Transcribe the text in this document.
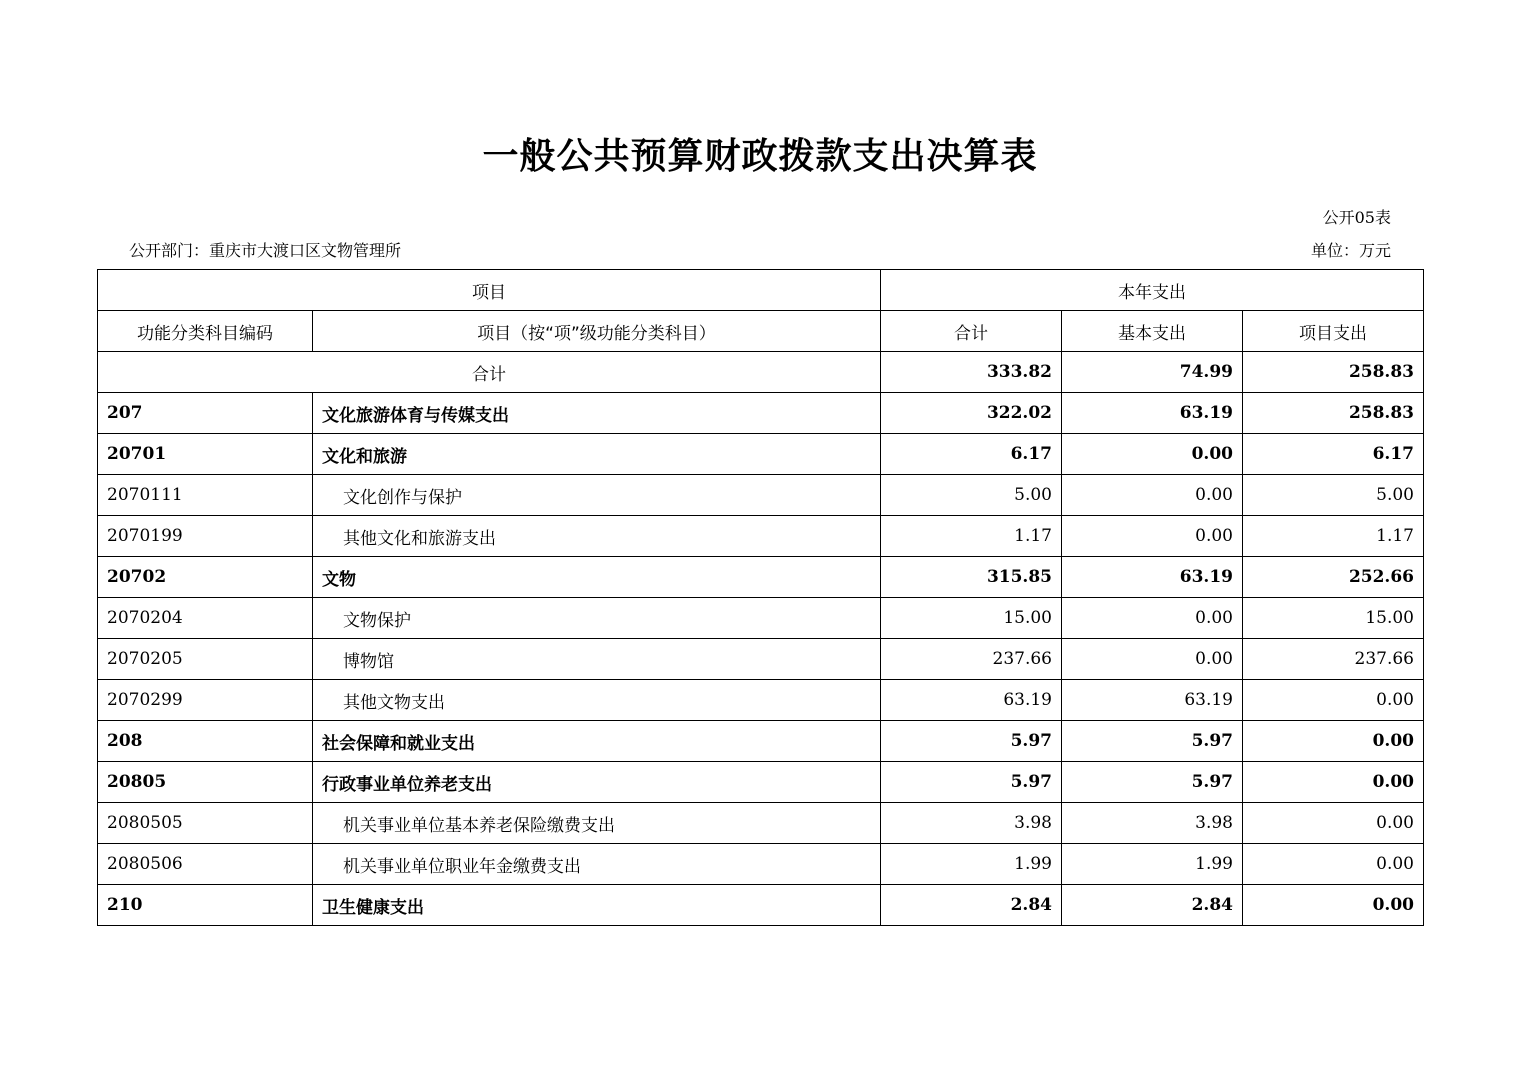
一般公共预算财政拨款支出决算表
公开05表
公开部门：重庆市大渡口区文物管理所	单位：万元
项目		本年支出		
功能分类科目编码	项目（按“项”级功能分类科目）	合计	基本支出	项目支出
合计		333.82	74.99	258.83
207	文化旅游体育与传媒支出	322.02	63.19	258.83
20701	文化和旅游	6.17	0.00	6.17
2070111	文化创作与保护	5.00	0.00	5.00
2070199	其他文化和旅游支出	1.17	0.00	1.17
20702	文物	315.85	63.19	252.66
2070204	文物保护	15.00	0.00	15.00
2070205	博物馆	237.66	0.00	237.66
2070299	其他文物支出	63.19	63.19	0.00
208	社会保障和就业支出	5.97	5.97	0.00
20805	行政事业单位养老支出	5.97	5.97	0.00
2080505	机关事业单位基本养老保险缴费支出	3.98	3.98	0.00
2080506	机关事业单位职业年金缴费支出	1.99	1.99	0.00
210	卫生健康支出	2.84	2.84	0.00
